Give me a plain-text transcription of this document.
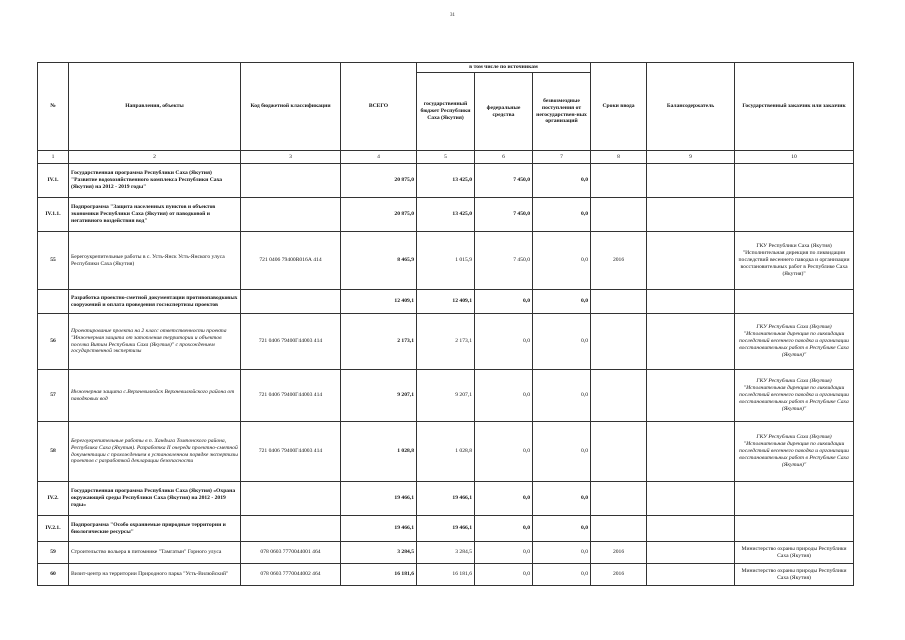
31
№	Направления, объекты	Код бюджетной классификации	ВСЕГО	в том числе по источникам			Сроки ввода	Балансодержатель	Государственный заказчик или заказчик
				государственный бюджет Республики Саха (Якутия)	федеральные средства	безвозмездные поступления от негосударствен-ных организаций			
1	2	3	4	5	6	7	8	9	10
IV.1.	Государственная программа Республики Саха (Якутия) "Развитие водохозяйственного комплекса Республики Саха (Якутия) на 2012 - 2019 годы"		20 875,0	13 425,0	7 450,0	0,0			
IV.1.1.	Подпрограмма "Защита населенных пунктов и объектов экономики Республики Саха (Якутия) от паводковой и негативного воздействия вод"		20 875,0	13 425,0	7 450,0	0,0			
55	Берегоукрепительные работы в с. Усть-Янск Усть-Янского улуса Республики Саха (Якутия)	721 0406 79400R016А 414	8 465,9	1 015,9	7 450,0	0,0	2016		ГКУ Республики Саха (Якутия) "Исполнительная дирекция по ликвидации последствий весеннего паводка и организации восстановительных работ в Республике Саха (Якутия)"
	Разработка проектно-сметной документации противопаводковых сооружений и оплата проведения госэкспертизы проектов		12 409,1	12 409,1	0,0	0,0			
56	Проектирование проекта на 2 класс ответственности проекта "Инженерная защита от затопления территории и объектов поселка Витим Республики Саха (Якутия)" с прохождением государственной экспертизы	721 0406 79400Г44003 414	2 173,1	2 173,1	0,0	0,0			ГКУ Республики Саха (Якутия) "Исполнительная дирекция по ликвидации последствий весеннего паводка и организации восстановительных работ в Республике Саха (Якутия)"
57	Инженерная защита с.Верхневилюйск Верхневилюйского района от паводковых вод	721 0406 79400Г44003 414	9 207,1	9 207,1	0,0	0,0			ГКУ Республики Саха (Якутия) "Исполнительная дирекция по ликвидации последствий весеннего паводка и организации восстановительных работ в Республике Саха (Якутия)"
58	Берегоукрепительные работы в п. Хандыга Томпонского района, Республика Саха (Якутия). Разработка II очереди проектно-сметной документации с прохождением в установленном порядке экспертизы проектов с разработкой декларации безопасности	721 0406 79400Г44003 414	1 028,8	1 028,8	0,0	0,0			ГКУ Республики Саха (Якутия) "Исполнительная дирекция по ликвидации последствий весеннего паводка и организации восстановительных работ в Республике Саха (Якутия)"
IV.2.	Государственная программа Республики Саха (Якутия) «Охрана окружающей среды Республики Саха (Якутия) на 2012 - 2019 годы»		19 466,1	19 466,1	0,0	0,0			
IV.2.1.	Подпрограмма "Особо охраняемые природные территории и биологические ресурсы"		19 466,1	19 466,1	0,0	0,0			
59	Строительство вольера в питомнике "Тамгатын" Горного улуса	078 0603 7770044001 464	3 284,5	3 284,5	0,0	0,0	2016		Министерство охраны природы Республики Саха (Якутия)
60	Визит-центр на территории Природного парка "Усть-Вилюйский"	078 0603 7770044002 464	16 181,6	16 181,6	0,0	0,0	2016		Министерство охраны природы Республики Саха (Якутия)
